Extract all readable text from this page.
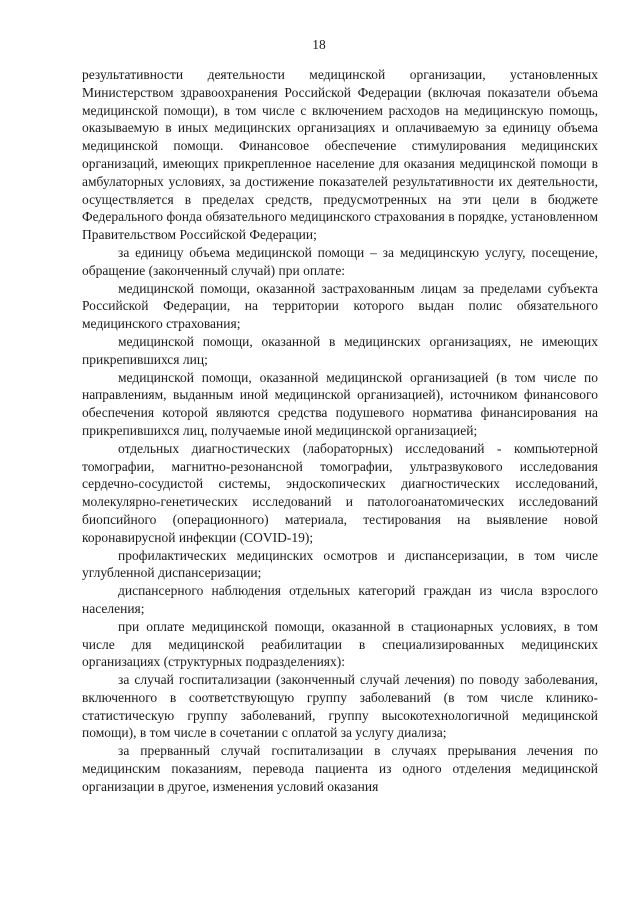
18

результативности деятельности медицинской организации, установленных Министерством здравоохранения Российской Федерации (включая показатели объема медицинской помощи), в том числе с включением расходов на медицинскую помощь, оказываемую в иных медицинских организациях и оплачиваемую за единицу объема медицинской помощи. Финансовое обеспечение стимулирования медицинских организаций, имеющих прикрепленное население для оказания медицинской помощи в амбулаторных условиях, за достижение показателей результативности их деятельности, осуществляется в пределах средств, предусмотренных на эти цели в бюджете Федерального фонда обязательного медицинского страхования в порядке, установленном Правительством Российской Федерации;

за единицу объема медицинской помощи – за медицинскую услугу, посещение, обращение (законченный случай) при оплате:

медицинской помощи, оказанной застрахованным лицам за пределами субъекта Российской Федерации, на территории которого выдан полис обязательного медицинского страхования;

медицинской помощи, оказанной в медицинских организациях, не имеющих прикрепившихся лиц;

медицинской помощи, оказанной медицинской организацией (в том числе по направлениям, выданным иной медицинской организацией), источником финансового обеспечения которой являются средства подушевого норматива финансирования на прикрепившихся лиц, получаемые иной медицинской организацией;

отдельных диагностических (лабораторных) исследований - компьютерной томографии, магнитно-резонансной томографии, ультразвукового исследования сердечно-сосудистой системы, эндоскопических диагностических исследований, молекулярно-генетических исследований и патологоанатомических исследований биопсийного (операционного) материала, тестирования на выявление новой коронавирусной инфекции (COVID-19);

профилактических медицинских осмотров и диспансеризации, в том числе углубленной диспансеризации;

диспансерного наблюдения отдельных категорий граждан из числа взрослого населения;

при оплате медицинской помощи, оказанной в стационарных условиях, в том числе для медицинской реабилитации в специализированных медицинских организациях (структурных подразделениях):

за случай госпитализации (законченный случай лечения) по поводу заболевания, включенного в соответствующую группу заболеваний (в том числе клинико-статистическую группу заболеваний, группу высокотехнологичной медицинской помощи), в том числе в сочетании с оплатой за услугу диализа;

за прерванный случай госпитализации в случаях прерывания лечения по медицинским показаниям, перевода пациента из одного отделения медицинской организации в другое, изменения условий оказания
